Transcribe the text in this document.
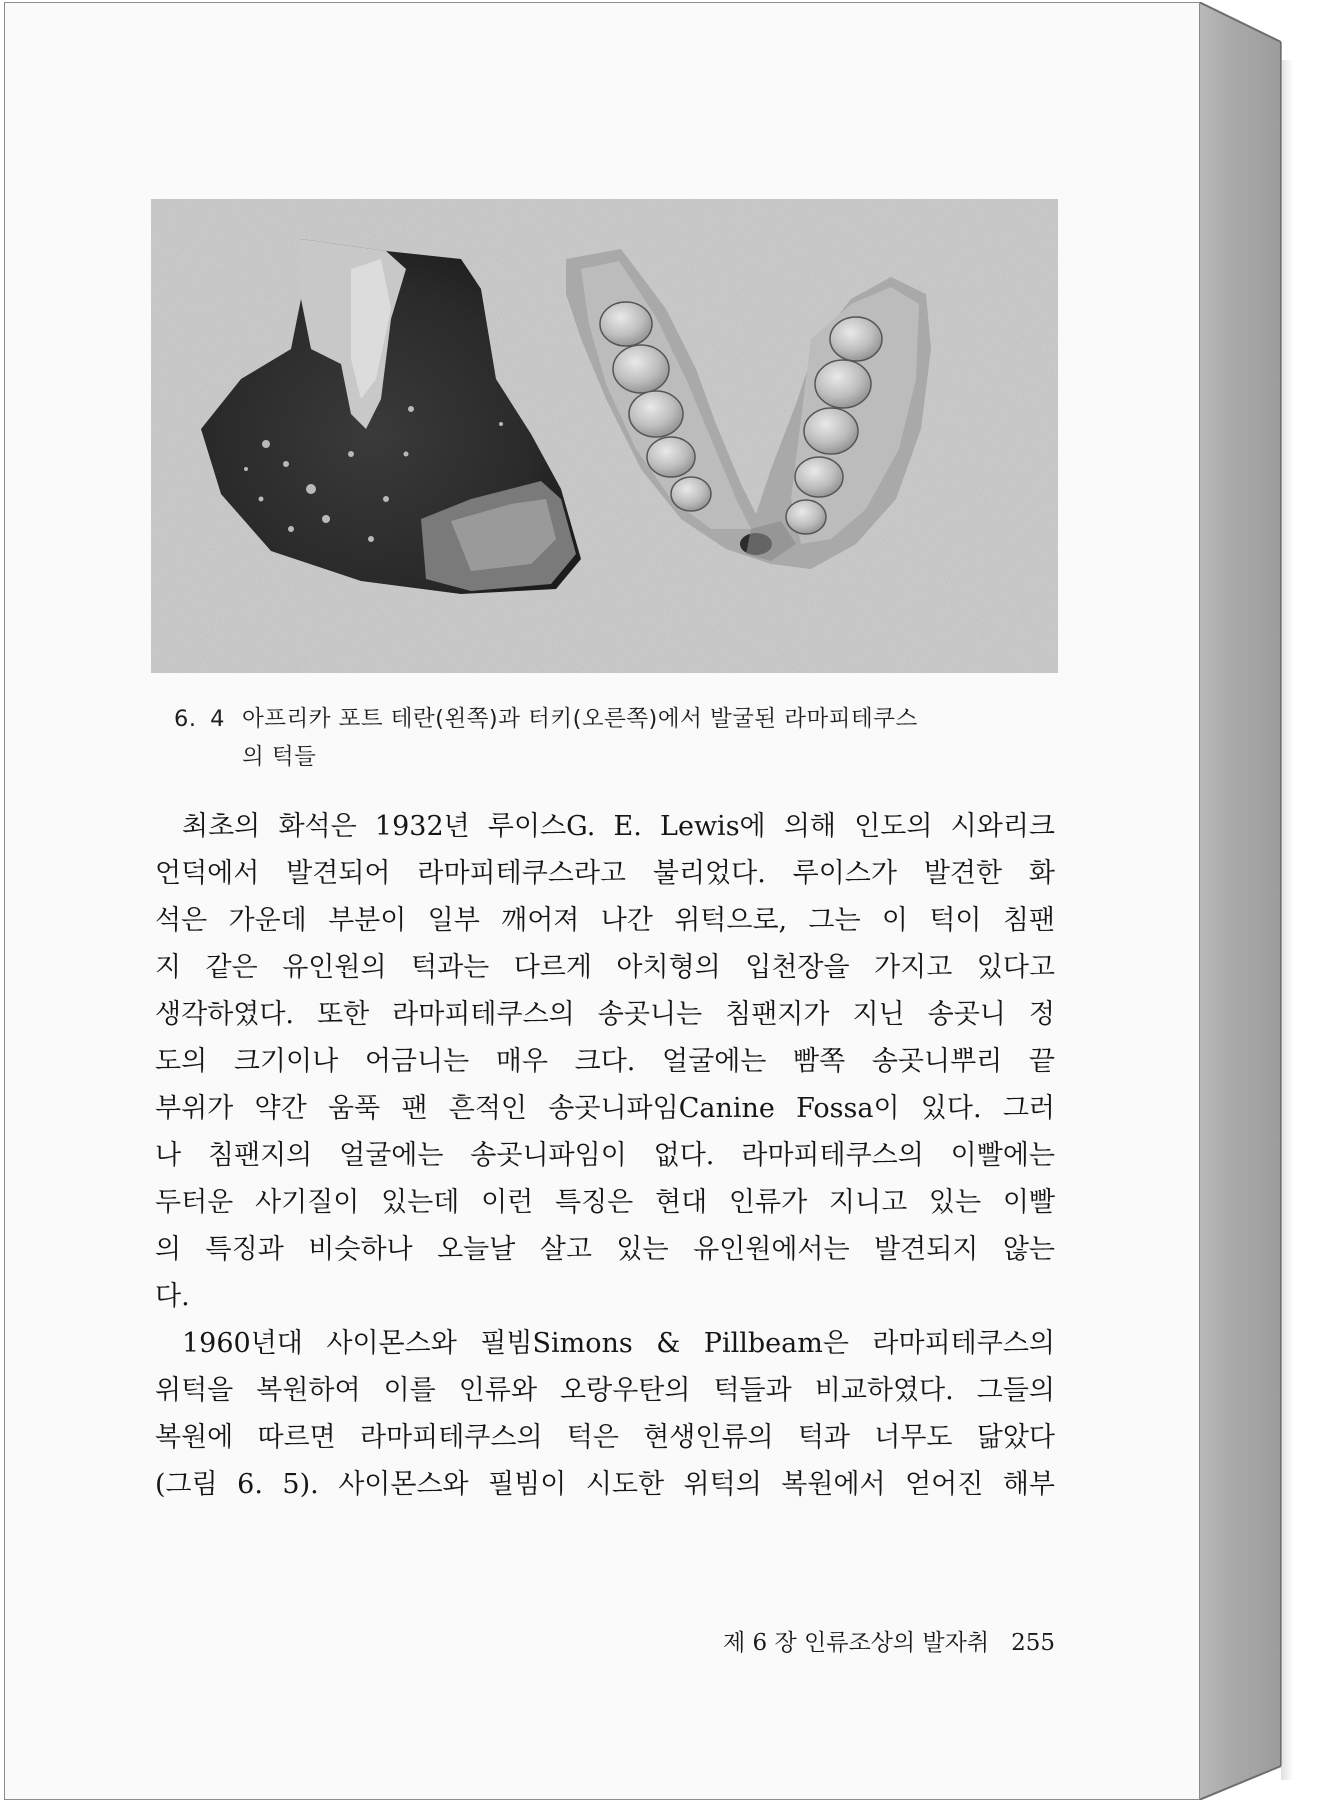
6. 4 아프리카 포트 테란(왼쪽)과 터키(오른쪽)에서 발굴된 라마피테쿠스
의 턱들
최초의 화석은 1932년 루이스G. E. Lewis에 의해 인도의 시와리크
언덕에서 발견되어 라마피테쿠스라고 불리었다. 루이스가 발견한 화
석은 가운데 부분이 일부 깨어져 나간 위턱으로, 그는 이 턱이 침팬
지 같은 유인원의 턱과는 다르게 아치형의 입천장을 가지고 있다고
생각하였다. 또한 라마피테쿠스의 송곳니는 침팬지가 지닌 송곳니 정
도의 크기이나 어금니는 매우 크다. 얼굴에는 빰쪽 송곳니뿌리 끝
부위가 약간 움푹 팬 흔적인 송곳니파임Canine Fossa이 있다. 그러
나 침팬지의 얼굴에는 송곳니파임이 없다. 라마피테쿠스의 이빨에는
두터운 사기질이 있는데 이런 특징은 현대 인류가 지니고 있는 이빨
의 특징과 비슷하나 오늘날 살고 있는 유인원에서는 발견되지 않는
다.
1960년대 사이몬스와 필빔Simons & Pillbeam은 라마피테쿠스의
위턱을 복원하여 이를 인류와 오랑우탄의 턱들과 비교하였다. 그들의
복원에 따르면 라마피테쿠스의 턱은 현생인류의 턱과 너무도 닮았다
(그림 6. 5). 사이몬스와 필빔이 시도한 위턱의 복원에서 얻어진 해부
제 6 장 인류조상의 발자취 255
